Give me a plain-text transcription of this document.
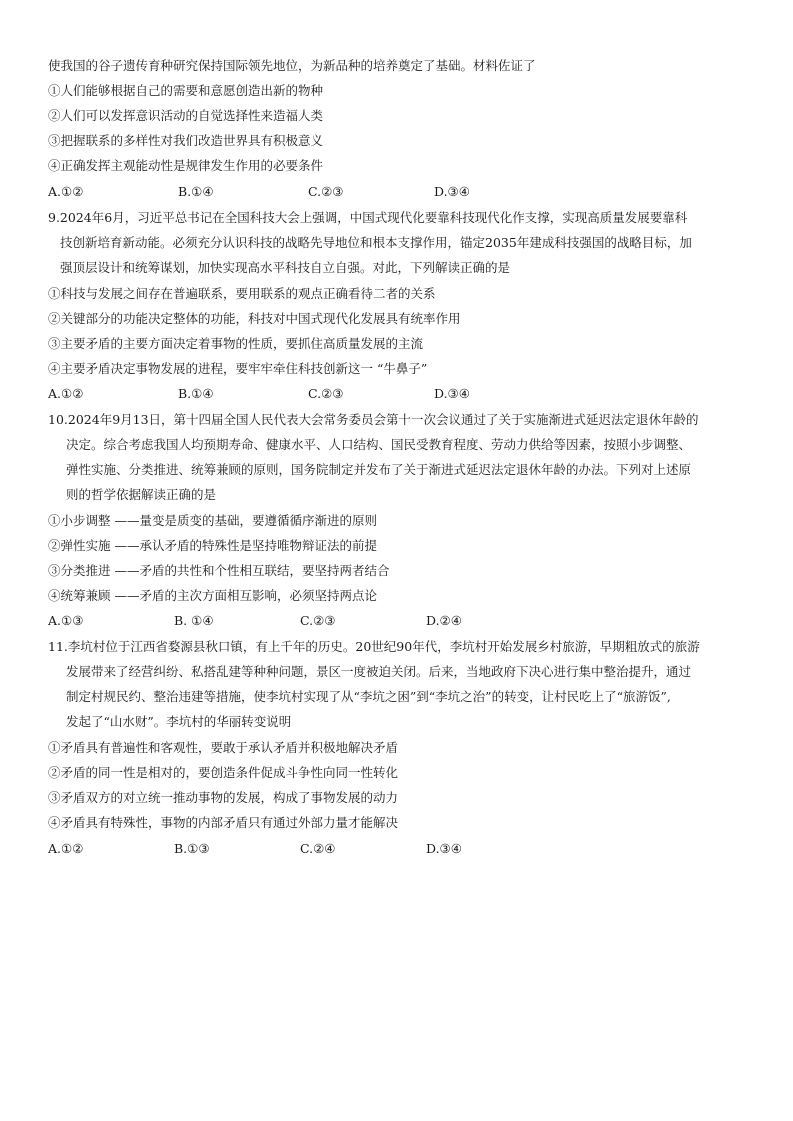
使我国的谷子遗传育种研究保持国际领先地位，为新品种的培养奠定了基础。材料佐证了
①人们能够根据自己的需要和意愿创造出新的物种
②人们可以发挥意识活动的自觉选择性来造福人类
③把握联系的多样性对我们改造世界具有积极意义
④正确发挥主观能动性是规律发生作用的必要条件
A.①②	B.①④	C.②③	D.③④
9.2024年6月，习近平总书记在全国科技大会上强调，中国式现代化要靠科技现代化作支撑，实现高质量发展要靠科
技创新培育新动能。必须充分认识科技的战略先导地位和根本支撑作用，锚定2035年建成科技强国的战略目标，加
强顶层设计和统筹谋划，加快实现高水平科技自立自强。对此，下列解读正确的是
①科技与发展之间存在普遍联系，要用联系的观点正确看待二者的关系
②关键部分的功能决定整体的功能，科技对中国式现代化发展具有统率作用
③主要矛盾的主要方面决定着事物的性质，要抓住高质量发展的主流
④主要矛盾决定事物发展的进程，要牢牢牵住科技创新这一 “牛鼻子”
A.①②	B.①④	C.②③	D.③④
10.2024年9月13日，第十四届全国人民代表大会常务委员会第十一次会议通过了关于实施渐进式延迟法定退休年龄的
决定。综合考虑我国人均预期寿命、健康水平、人口结构、国民受教育程度、劳动力供给等因素，按照小步调整、
弹性实施、分类推进、统筹兼顾的原则，国务院制定并发布了关于渐进式延迟法定退休年龄的办法。下列对上述原
则的哲学依据解读正确的是
①小步调整 ——量变是质变的基础，要遵循循序渐进的原则
②弹性实施 ——承认矛盾的特殊性是坚持唯物辩证法的前提
③分类推进 ——矛盾的共性和个性相互联结，要坚持两者结合
④统筹兼顾 ——矛盾的主次方面相互影响，必须坚持两点论
A.①③	B. ①④	C.②③	D.②④
11.李坑村位于江西省婺源县秋口镇，有上千年的历史。20世纪90年代，李坑村开始发展乡村旅游，早期粗放式的旅游
发展带来了经营纠纷、私搭乱建等种种问题，景区一度被迫关闭。后来，当地政府下决心进行集中整治提升，通过
制定村规民约、整治违建等措施，使李坑村实现了从“李坑之困”到“李坑之治”的转变，让村民吃上了“旅游饭”,
发起了“山水财”。李坑村的华丽转变说明
①矛盾具有普遍性和客观性，要敢于承认矛盾并积极地解决矛盾
②矛盾的同一性是相对的，要创造条件促成斗争性向同一性转化
③矛盾双方的对立统一推动事物的发展，构成了事物发展的动力
④矛盾具有特殊性，事物的内部矛盾只有通过外部力量才能解决
A.①②	B.①③	C.②④	D.③④
